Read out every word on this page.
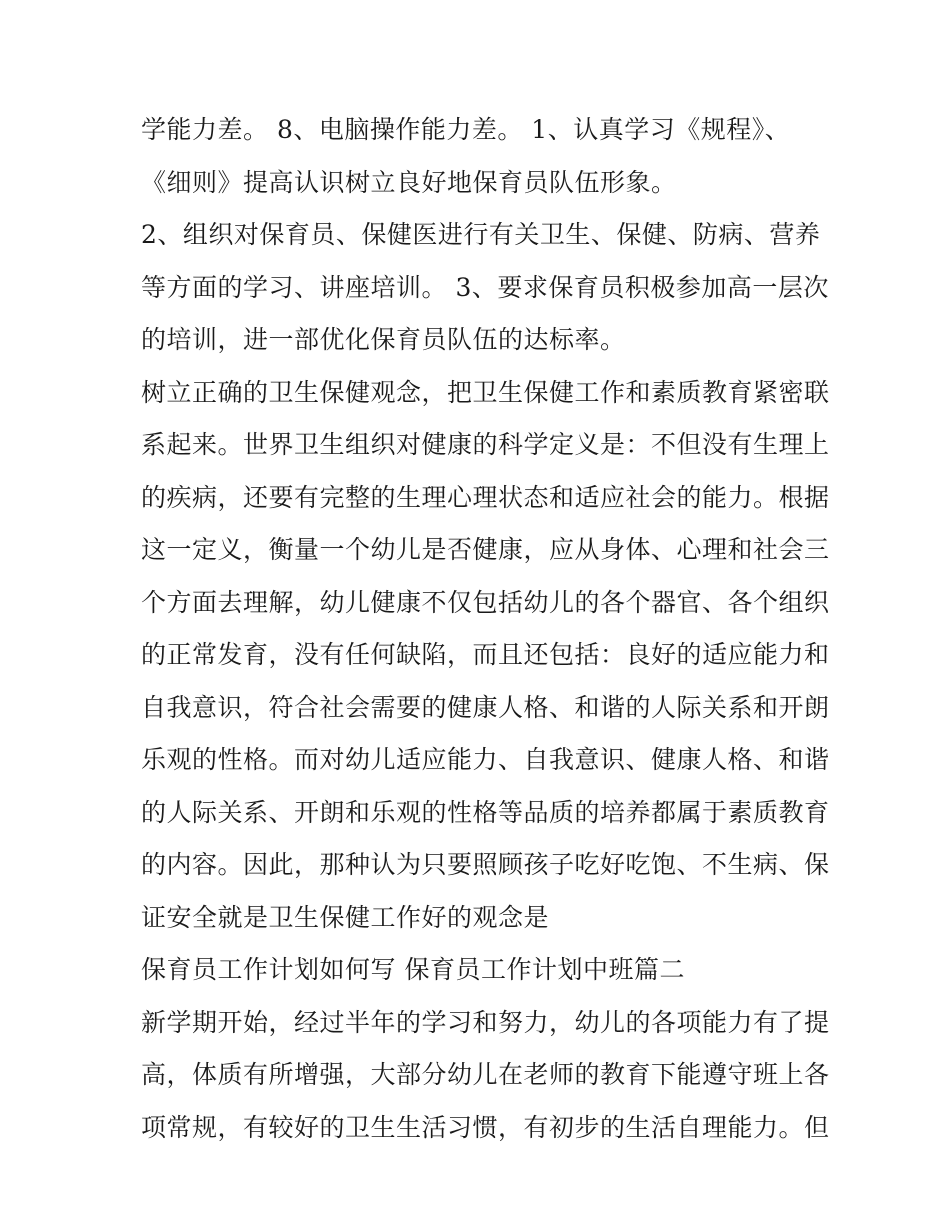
学能力差。 8、电脑操作能力差。 1、认真学习《规程》、
《细则》提高认识树立良好地保育员队伍形象。
2、组织对保育员、保健医进行有关卫生、保健、防病、营养
等方面的学习、讲座培训。 3、要求保育员积极参加高一层次
的培训，进一部优化保育员队伍的达标率。
树立正确的卫生保健观念，把卫生保健工作和素质教育紧密联
系起来。世界卫生组织对健康的科学定义是：不但没有生理上
的疾病，还要有完整的生理心理状态和适应社会的能力。根据
这一定义，衡量一个幼儿是否健康，应从身体、心理和社会三
个方面去理解，幼儿健康不仅包括幼儿的各个器官、各个组织
的正常发育，没有任何缺陷，而且还包括：良好的适应能力和
自我意识，符合社会需要的健康人格、和谐的人际关系和开朗
乐观的性格。而对幼儿适应能力、自我意识、健康人格、和谐
的人际关系、开朗和乐观的性格等品质的培养都属于素质教育
的内容。因此，那种认为只要照顾孩子吃好吃饱、不生病、保
证安全就是卫生保健工作好的观念是
保育员工作计划如何写 保育员工作计划中班篇二
新学期开始，经过半年的学习和努力，幼儿的各项能力有了提
高，体质有所增强，大部分幼儿在老师的教育下能遵守班上各
项常规，有较好的卫生生活习惯，有初步的生活自理能力。但
